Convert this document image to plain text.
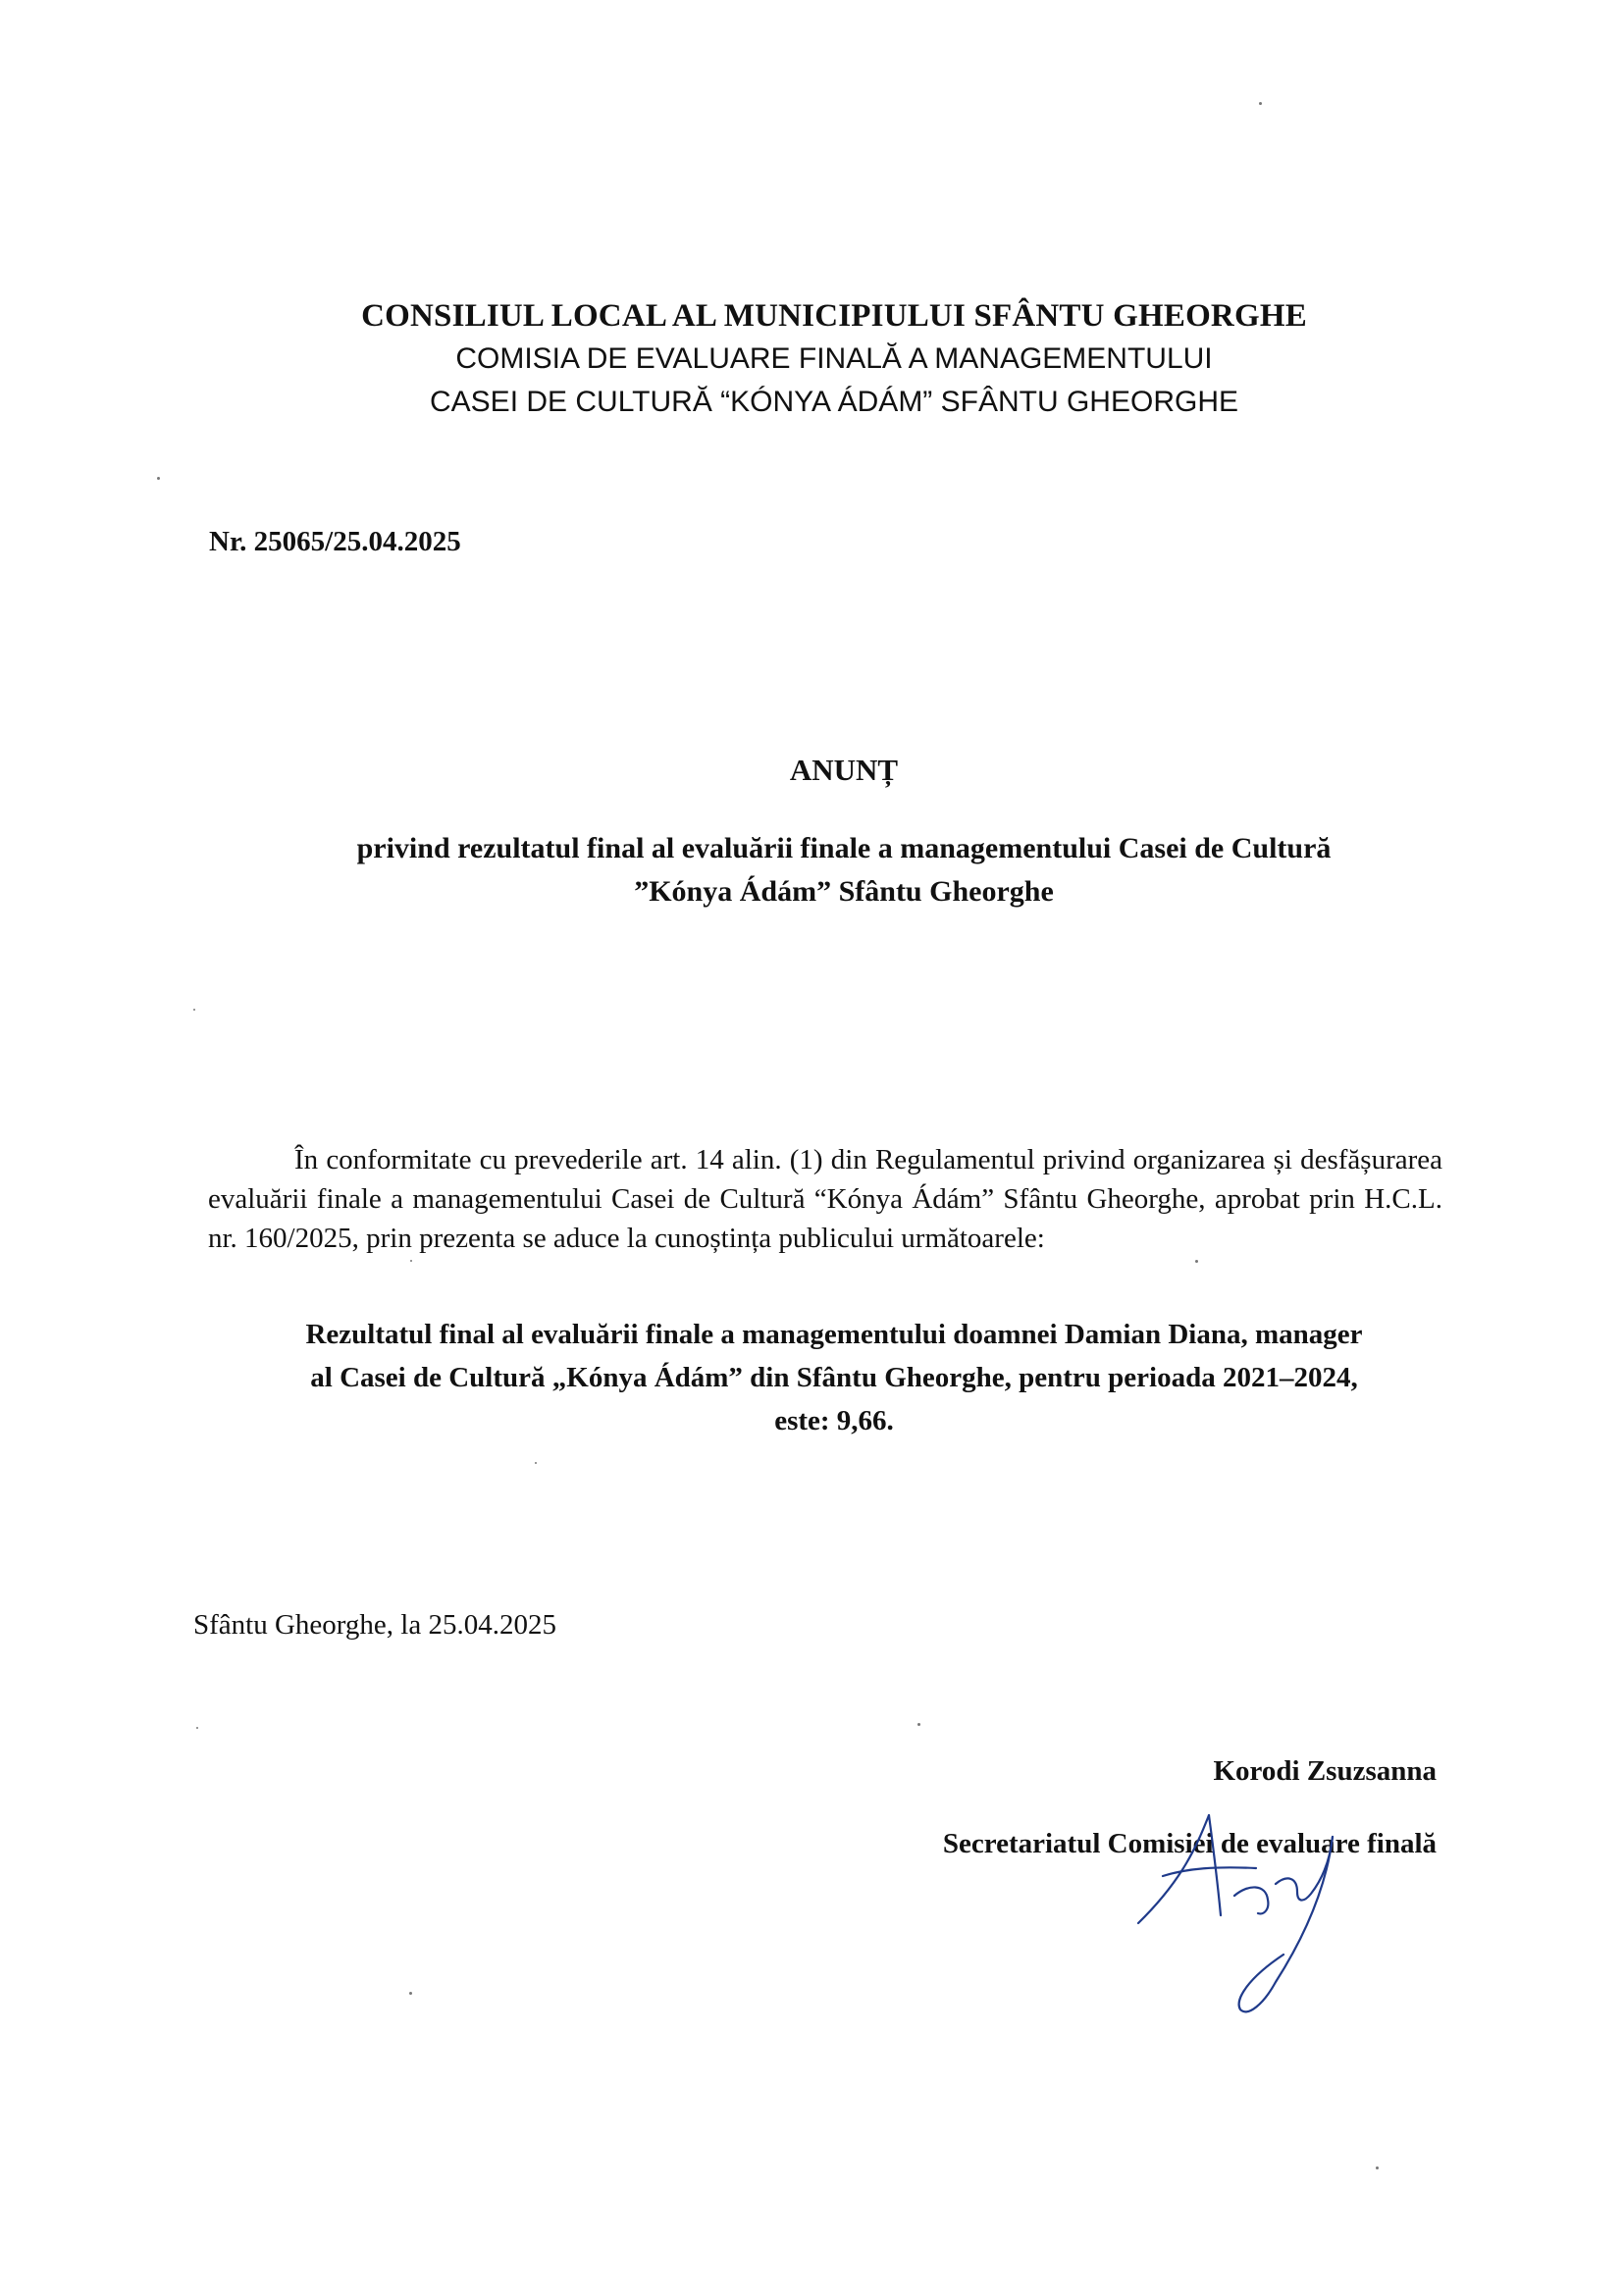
CONSILIUL LOCAL AL MUNICIPIULUI SFÂNTU GHEORGHE
COMISIA DE EVALUARE FINALĂ A MANAGEMENTULUI
CASEI DE CULTURĂ “KÓNYA ÁDÁM” SFÂNTU GHEORGHE
Nr. 25065/25.04.2025
ANUNȚ
privind rezultatul final al evaluării finale a managementului Casei de Cultură
”Kónya Ádám” Sfântu Gheorghe
În conformitate cu prevederile art. 14 alin. (1) din Regulamentul privind organizarea și desfășurarea evaluării finale a managementului Casei de Cultură “Kónya Ádám” Sfântu Gheorghe, aprobat prin H.C.L. nr. 160/2025, prin prezenta se aduce la cunoștința publicului următoarele:
Rezultatul final al evaluării finale a managementului doamnei Damian Diana, manager
al Casei de Cultură „Kónya Ádám” din Sfântu Gheorghe, pentru perioada 2021–2024,
este: 9,66.
Sfântu Gheorghe, la 25.04.2025
Korodi Zsuzsanna
Secretariatul Comisiei de evaluare finală
